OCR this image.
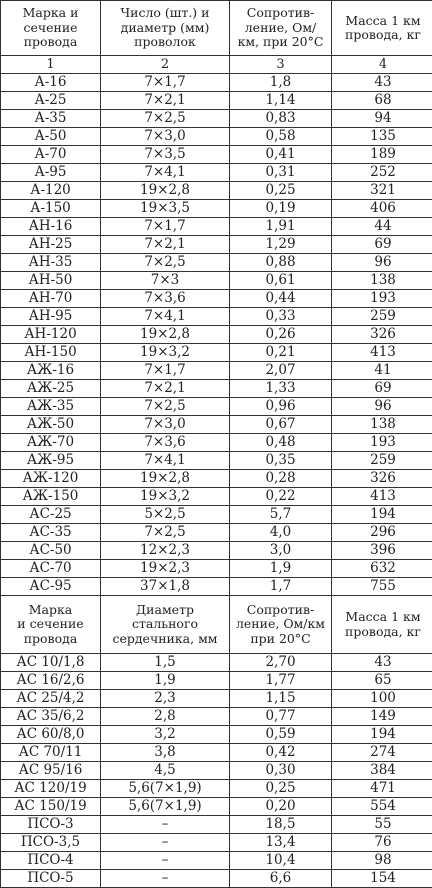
Марка и
сечение
провода	Число (шт.) и
диаметр (мм)
проволок	Сопротив-
ление, Ом/
км, при 20°С	Масса 1 км
провода, кг

1	2	3	4
А-16	7×1,7	1,8	43
А-25	7×2,1	1,14	68
А-35	7×2,5	0,83	94
А-50	7×3,0	0,58	135
А-70	7×3,5	0,41	189
А-95	7×4,1	0,31	252
А-120	19×2,8	0,25	321
А-150	19×3,5	0,19	406
АН-16	7×1,7	1,91	44
АН-25	7×2,1	1,29	69
АН-35	7×2,5	0,88	96
АН-50	7×3	0,61	138
АН-70	7×3,6	0,44	193
АН-95	7×4,1	0,33	259
АН-120	19×2,8	0,26	326
АН-150	19×3,2	0,21	413
АЖ-16	7×1,7	2,07	41
АЖ-25	7×2,1	1,33	69
АЖ-35	7×2,5	0,96	96
АЖ-50	7×3,0	0,67	138
АЖ-70	7×3,6	0,48	193
АЖ-95	7×4,1	0,35	259
АЖ-120	19×2,8	0,28	326
АЖ-150	19×3,2	0,22	413
АС-25	5×2,5	5,7	194
АС-35	7×2,5	4,0	296
АС-50	12×2,3	3,0	396
АС-70	19×2,3	1,9	632
АС-95	37×1,8	1,7	755

Марка
и сечение
провода	Диаметр
стального
сердечника, мм	Сопротив-
ление, Ом/км
при 20°С	Масса 1 км
провода, кг

АС 10/1,8	1,5	2,70	43
АС 16/2,6	1,9	1,77	65
АС 25/4,2	2,3	1,15	100
АС 35/6,2	2,8	0,77	149
АС 60/8,0	3,2	0,59	194
АС 70/11	3,8	0,42	274
АС 95/16	4,5	0,30	384
АС 120/19	5,6(7×1,9)	0,25	471
АС 150/19	5,6(7×1,9)	0,20	554
ПСО-3	–	18,5	55
ПСО-3,5	–	13,4	76
ПСО-4	–	10,4	98
ПСО-5	–	6,6	154
